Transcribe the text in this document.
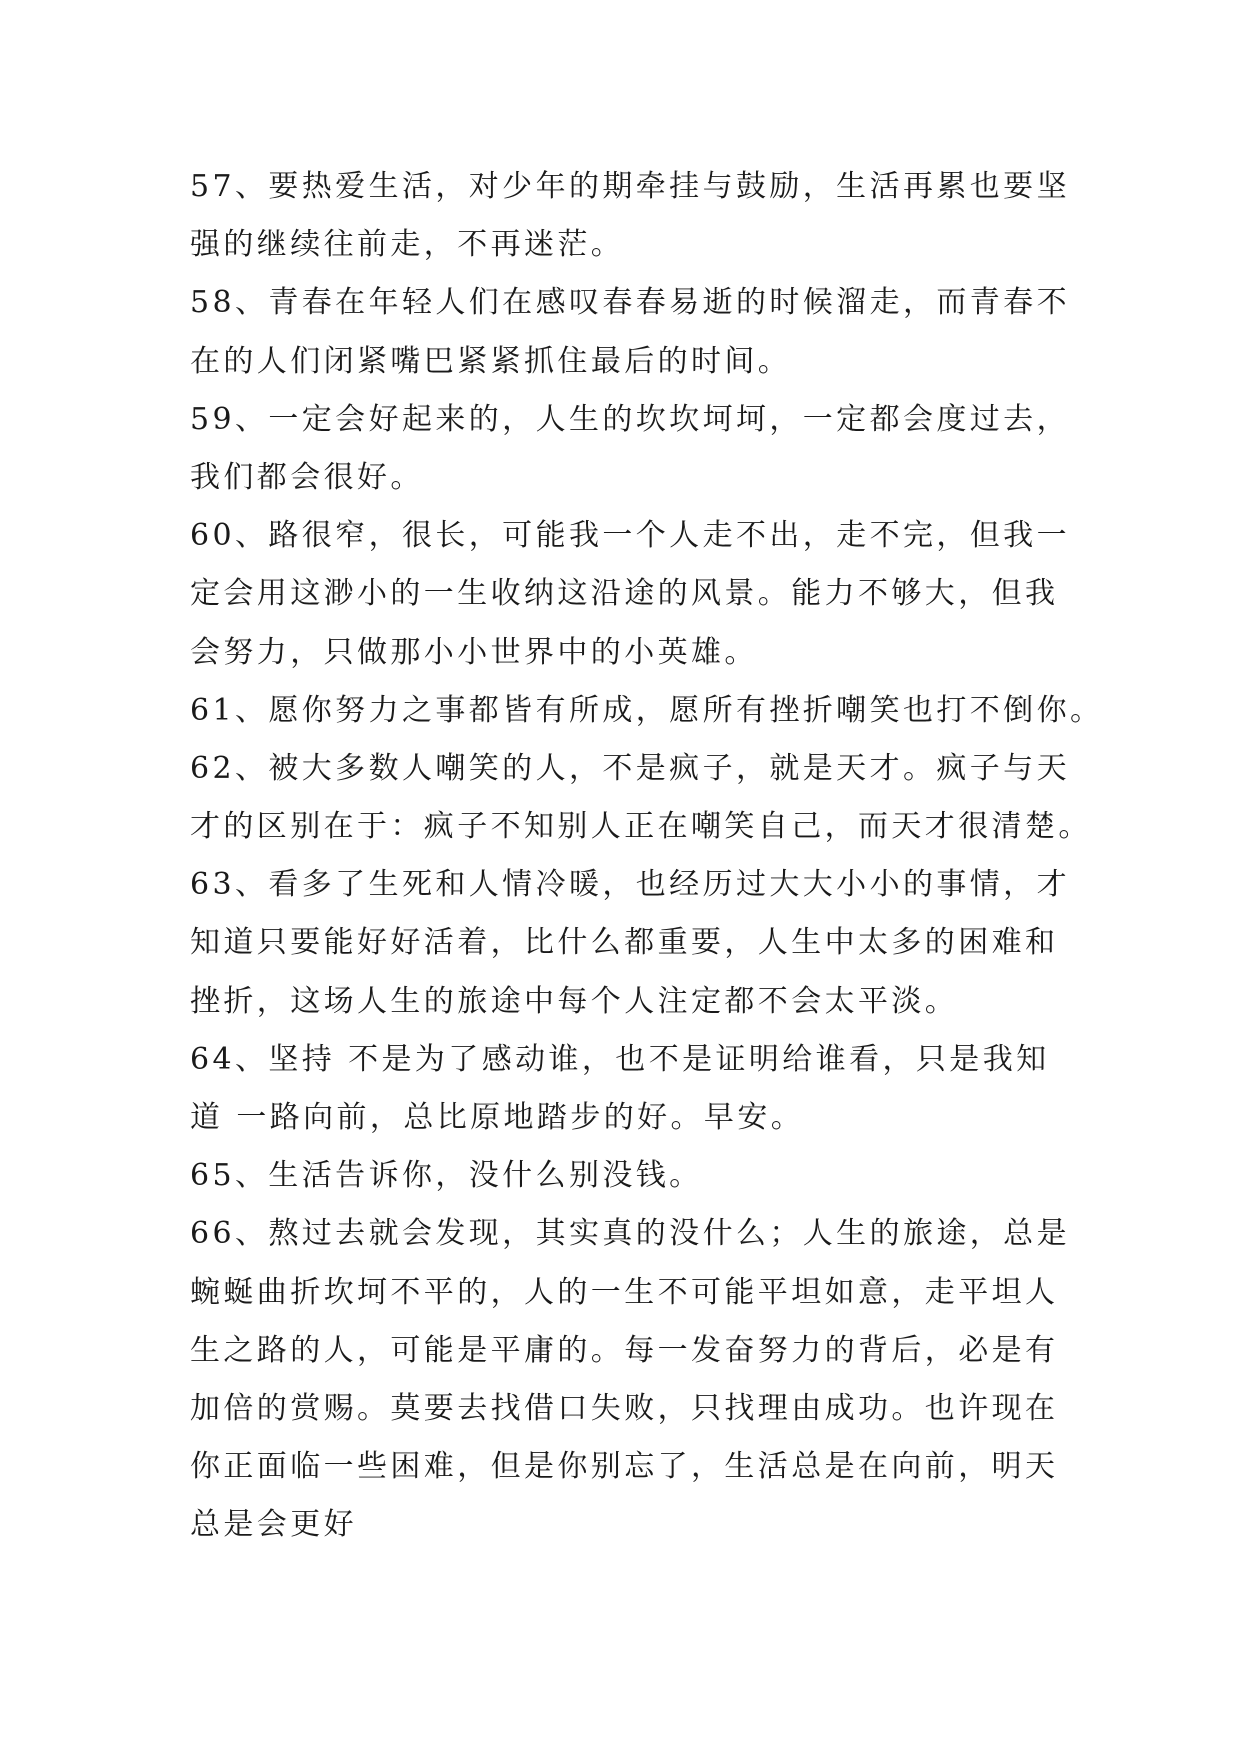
57、要热爱生活，对少年的期牵挂与鼓励，生活再累也要坚
强的继续往前走，不再迷茫。
58、青春在年轻人们在感叹春春易逝的时候溜走，而青春不
在的人们闭紧嘴巴紧紧抓住最后的时间。
59、一定会好起来的，人生的坎坎坷坷，一定都会度过去，
我们都会很好。
60、路很窄，很长，可能我一个人走不出，走不完，但我一
定会用这渺小的一生收纳这沿途的风景。能力不够大，但我
会努力，只做那小小世界中的小英雄。
61、愿你努力之事都皆有所成，愿所有挫折嘲笑也打不倒你。
62、被大多数人嘲笑的人，不是疯子，就是天才。疯子与天
才的区别在于：疯子不知别人正在嘲笑自己，而天才很清楚。
63、看多了生死和人情冷暖，也经历过大大小小的事情，才
知道只要能好好活着，比什么都重要，人生中太多的困难和
挫折，这场人生的旅途中每个人注定都不会太平淡。
64、坚持 不是为了感动谁，也不是证明给谁看，只是我知
道 一路向前，总比原地踏步的好。早安。
65、生活告诉你，没什么别没钱。
66、熬过去就会发现，其实真的没什么；人生的旅途，总是
蜿蜒曲折坎坷不平的，人的一生不可能平坦如意，走平坦人
生之路的人，可能是平庸的。每一发奋努力的背后，必是有
加倍的赏赐。莫要去找借口失败，只找理由成功。也许现在
你正面临一些困难，但是你别忘了，生活总是在向前，明天
总是会更好
